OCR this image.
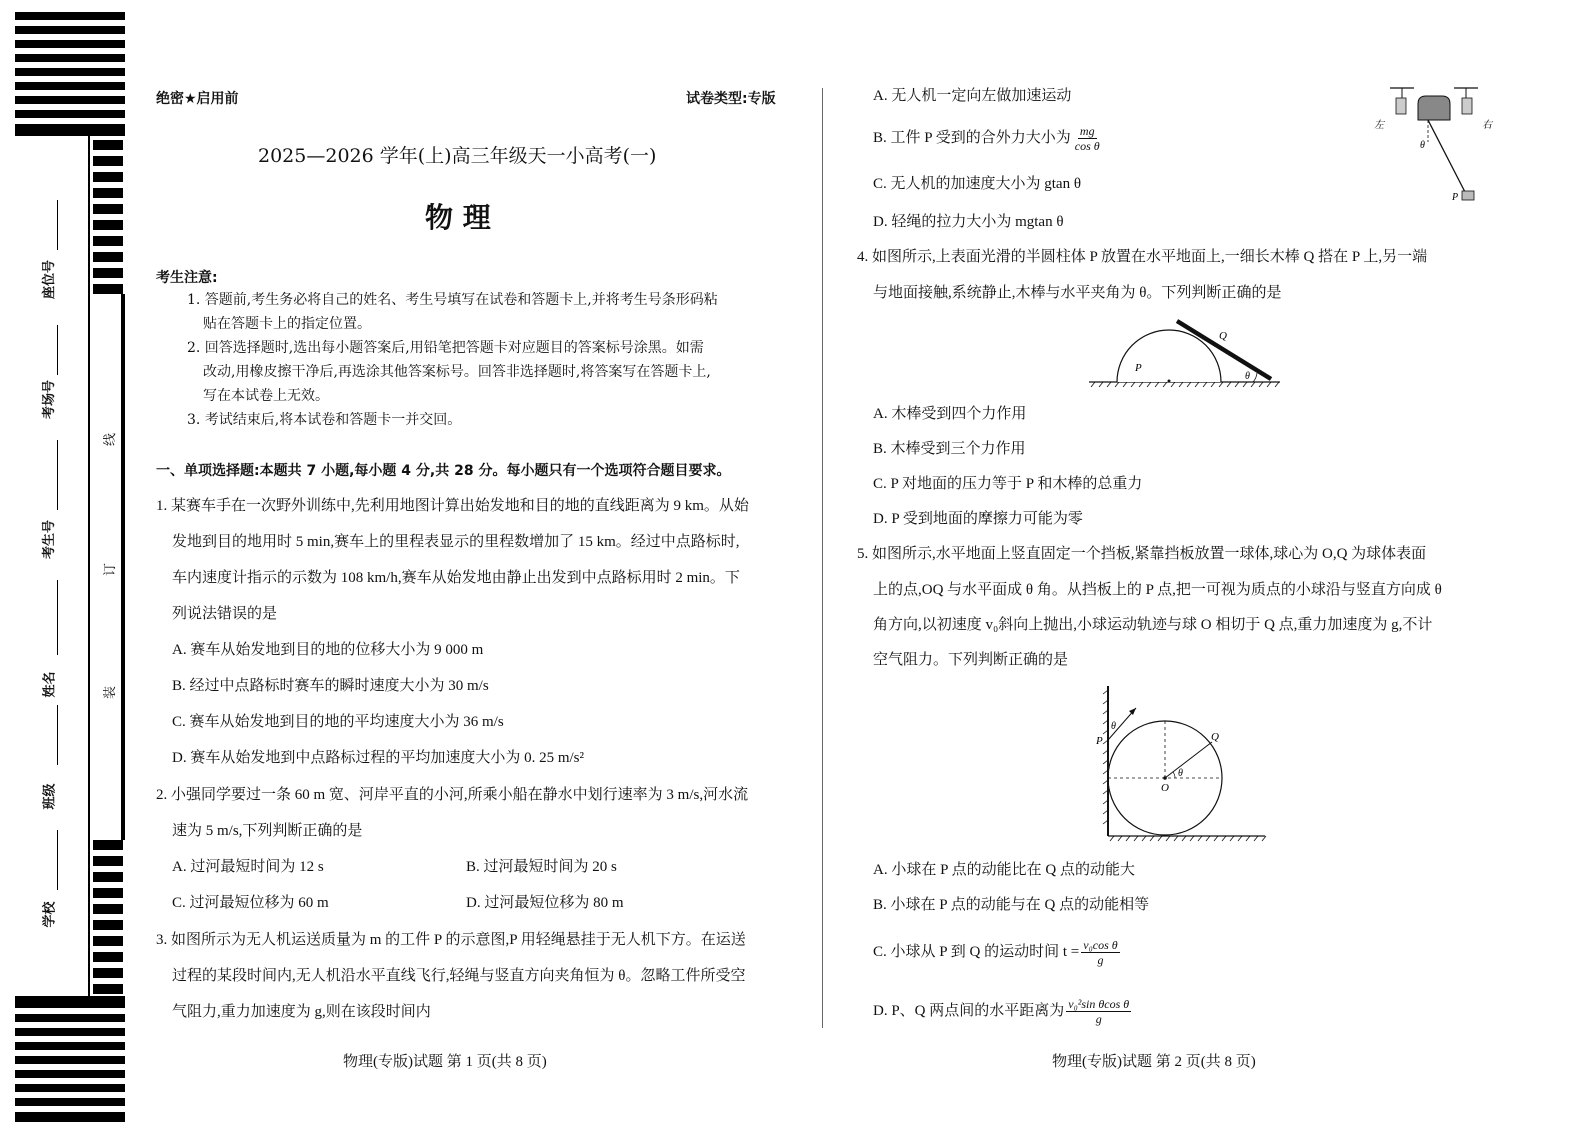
座位号
考场号
考生号
姓名
班级
学校
线
订
装
绝密★启用前	试卷类型:专版
2025—2026 学年(上)高三年级天一小高考(一)
物 理
考生注意:
1. 答题前,考生务必将自己的姓名、考生号填写在试卷和答题卡上,并将考生号条形码粘
贴在答题卡上的指定位置。
2. 回答选择题时,选出每小题答案后,用铅笔把答题卡对应题目的答案标号涂黑。如需
改动,用橡皮擦干净后,再选涂其他答案标号。回答非选择题时,将答案写在答题卡上,
写在本试卷上无效。
3. 考试结束后,将本试卷和答题卡一并交回。
一、单项选择题:本题共 7 小题,每小题 4 分,共 28 分。每小题只有一个选项符合题目要求。
1. 某赛车手在一次野外训练中,先利用地图计算出始发地和目的地的直线距离为 9 km。从始
发地到目的地用时 5 min,赛车上的里程表显示的里程数增加了 15 km。经过中点路标时,
车内速度计指示的示数为 108 km/h,赛车从始发地由静止出发到中点路标用时 2 min。下
列说法错误的是
A. 赛车从始发地到目的地的位移大小为 9 000 m
B. 经过中点路标时赛车的瞬时速度大小为 30 m/s
C. 赛车从始发地到目的地的平均速度大小为 36 m/s
D. 赛车从始发地到中点路标过程的平均加速度大小为 0. 25 m/s²
2. 小强同学要过一条 60 m 宽、河岸平直的小河,所乘小船在静水中划行速率为 3 m/s,河水流
速为 5 m/s,下列判断正确的是
A. 过河最短时间为 12 s	B. 过河最短时间为 20 s
C. 过河最短位移为 60 m	D. 过河最短位移为 80 m
3. 如图所示为无人机运送质量为 m 的工件 P 的示意图,P 用轻绳悬挂于无人机下方。在运送
过程的某段时间内,无人机沿水平直线飞行,轻绳与竖直方向夹角恒为 θ。忽略工件所受空
气阻力,重力加速度为 g,则在该段时间内
物理(专版)试题 第 1 页(共 8 页)
A. 无人机一定向左做加速运动
B. 工件 P 受到的合外力大小为 $\frac{mg}{\text{cos θ}}$
C. 无人机的加速度大小为 gtan θ
D. 轻绳的拉力大小为 mgtan θ
左	右
θ
P
4. 如图所示,上表面光滑的半圆柱体 P 放置在水平地面上,一细长木棒 Q 搭在 P 上,另一端
与地面接触,系统静止,木棒与水平夹角为 θ。下列判断正确的是
P
Q
θ
A. 木棒受到四个力作用
B. 木棒受到三个力作用
C. P 对地面的压力等于 P 和木棒的总重力
D. P 受到地面的摩擦力可能为零
5. 如图所示,水平地面上竖直固定一个挡板,紧靠挡板放置一球体,球心为 O,Q 为球体表面
上的点,OQ 与水平面成 θ 角。从挡板上的 P 点,把一可视为质点的小球沿与竖直方向成 θ
角方向,以初速度 v₀斜向上抛出,小球运动轨迹与球 O 相切于 Q 点,重力加速度为 g,不计
空气阻力。下列判断正确的是
P	Q
O
θ
θ
A. 小球在 P 点的动能比在 Q 点的动能大
B. 小球在 P 点的动能与在 Q 点的动能相等
C. 小球从 P 到 Q 的运动时间 $t = \frac{\text{v₀cos θ}}{g}$
D. P、Q 两点间的水平距离为 $\frac{\text{v₀²sin θcos θ}}{g}$
物理(专版)试题 第 2 页(共 8 页)
